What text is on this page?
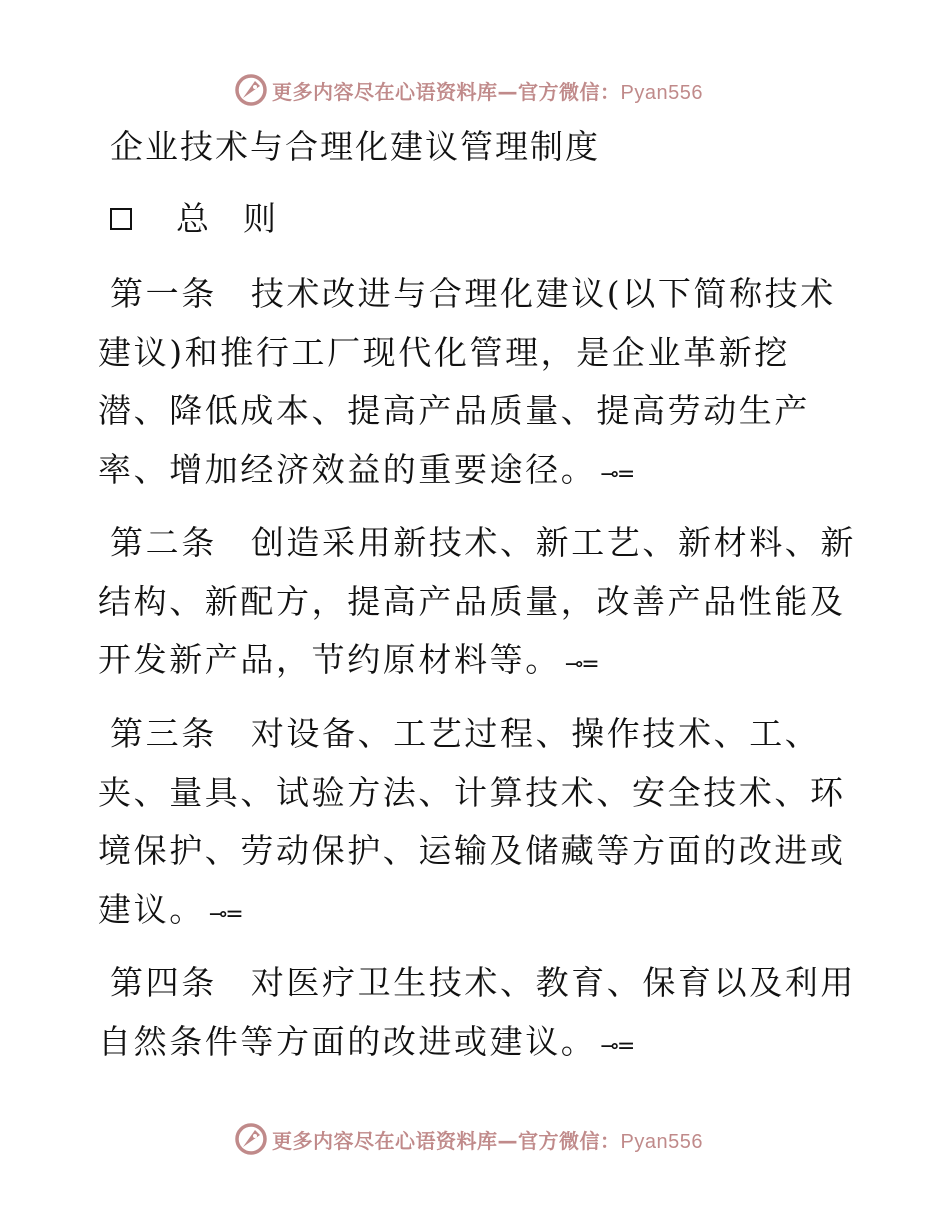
更多内容尽在心语资料库—官方微信：Pyan556
企业技术与合理化建议管理制度
总则

第一条 技术改进与合理化建议(以下简称技术建议)和推行工厂现代化管理，是企业革新挖潜、降低成本、提高产品质量、提高劳动生产率、增加经济效益的重要途径。 ⊸=

第二条 创造采用新技术、新工艺、新材料、新结构、新配方，提高产品质量，改善产品性能及开发新产品，节约原材料等。 ⊸=

第三条 对设备、工艺过程、操作技术、工、夹、量具、试验方法、计算技术、安全技术、环境保护、劳动保护、运输及储藏等方面的改进或建议。 ⊸=

第四条 对医疗卫生技术、教育、保育以及利用自然条件等方面的改进或建议。 ⊸=

更多内容尽在心语资料库—官方微信：Pyan556
